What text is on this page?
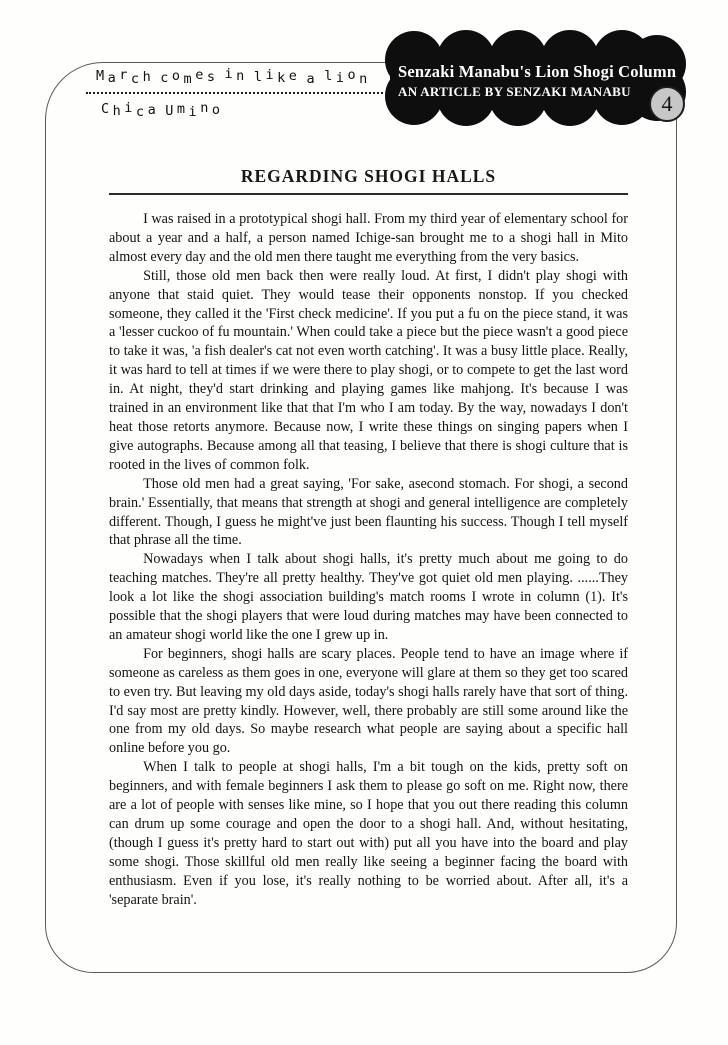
March comes in like a lion
Chica Umino
Senzaki Manabu's Lion Shogi Column
AN ARTICLE BY SENZAKI MANABU 4
REGARDING SHOGI HALLS

I was raised in a prototypical shogi hall. From my third year of elementary school for about a year and a half, a person named Ichige-san brought me to a shogi hall in Mito almost every day and the old men there taught me everything from the very basics.

Still, those old men back then were really loud. At first, I didn't play shogi with anyone that staid quiet. They would tease their opponents nonstop. If you checked someone, they called it the 'First check medicine'. If you put a fu on the piece stand, it was a 'lesser cuckoo of fu mountain.' When could take a piece but the piece wasn't a good piece to take it was, 'a fish dealer's cat not even worth catching'. It was a busy little place. Really, it was hard to tell at times if we were there to play shogi, or to compete to get the last word in. At night, they'd start drinking and playing games like mahjong. It's because I was trained in an environment like that that I'm who I am today. By the way, nowadays I don't heat those retorts anymore. Because now, I write these things on singing papers when I give autographs. Because among all that teasing, I believe that there is shogi culture that is rooted in the lives of common folk.

Those old men had a great saying, 'For sake, asecond stomach. For shogi, a second brain.' Essentially, that means that strength at shogi and general intelligence are completely different. Though, I guess he might've just been flaunting his success. Though I tell myself that phrase all the time.

Nowadays when I talk about shogi halls, it's pretty much about me going to do teaching matches. They're all pretty healthy. They've got quiet old men playing. ......They look a lot like the shogi association building's match rooms I wrote in column (1). It's possible that the shogi players that were loud during matches may have been connected to an amateur shogi world like the one I grew up in.

For beginners, shogi halls are scary places. People tend to have an image where if someone as careless as them goes in one, everyone will glare at them so they get too scared to even try. But leaving my old days aside, today's shogi halls rarely have that sort of thing. I'd say most are pretty kindly. However, well, there probably are still some around like the one from my old days. So maybe research what people are saying about a specific hall online before you go.

When I talk to people at shogi halls, I'm a bit tough on the kids, pretty soft on beginners, and with female beginners I ask them to please go soft on me. Right now, there are a lot of people with senses like mine, so I hope that you out there reading this column can drum up some courage and open the door to a shogi hall. And, without hesitating, (though I guess it's pretty hard to start out with) put all you have into the board and play some shogi. Those skillful old men really like seeing a beginner facing the board with enthusiasm. Even if you lose, it's really nothing to be worried about. After all, it's a 'separate brain'.
